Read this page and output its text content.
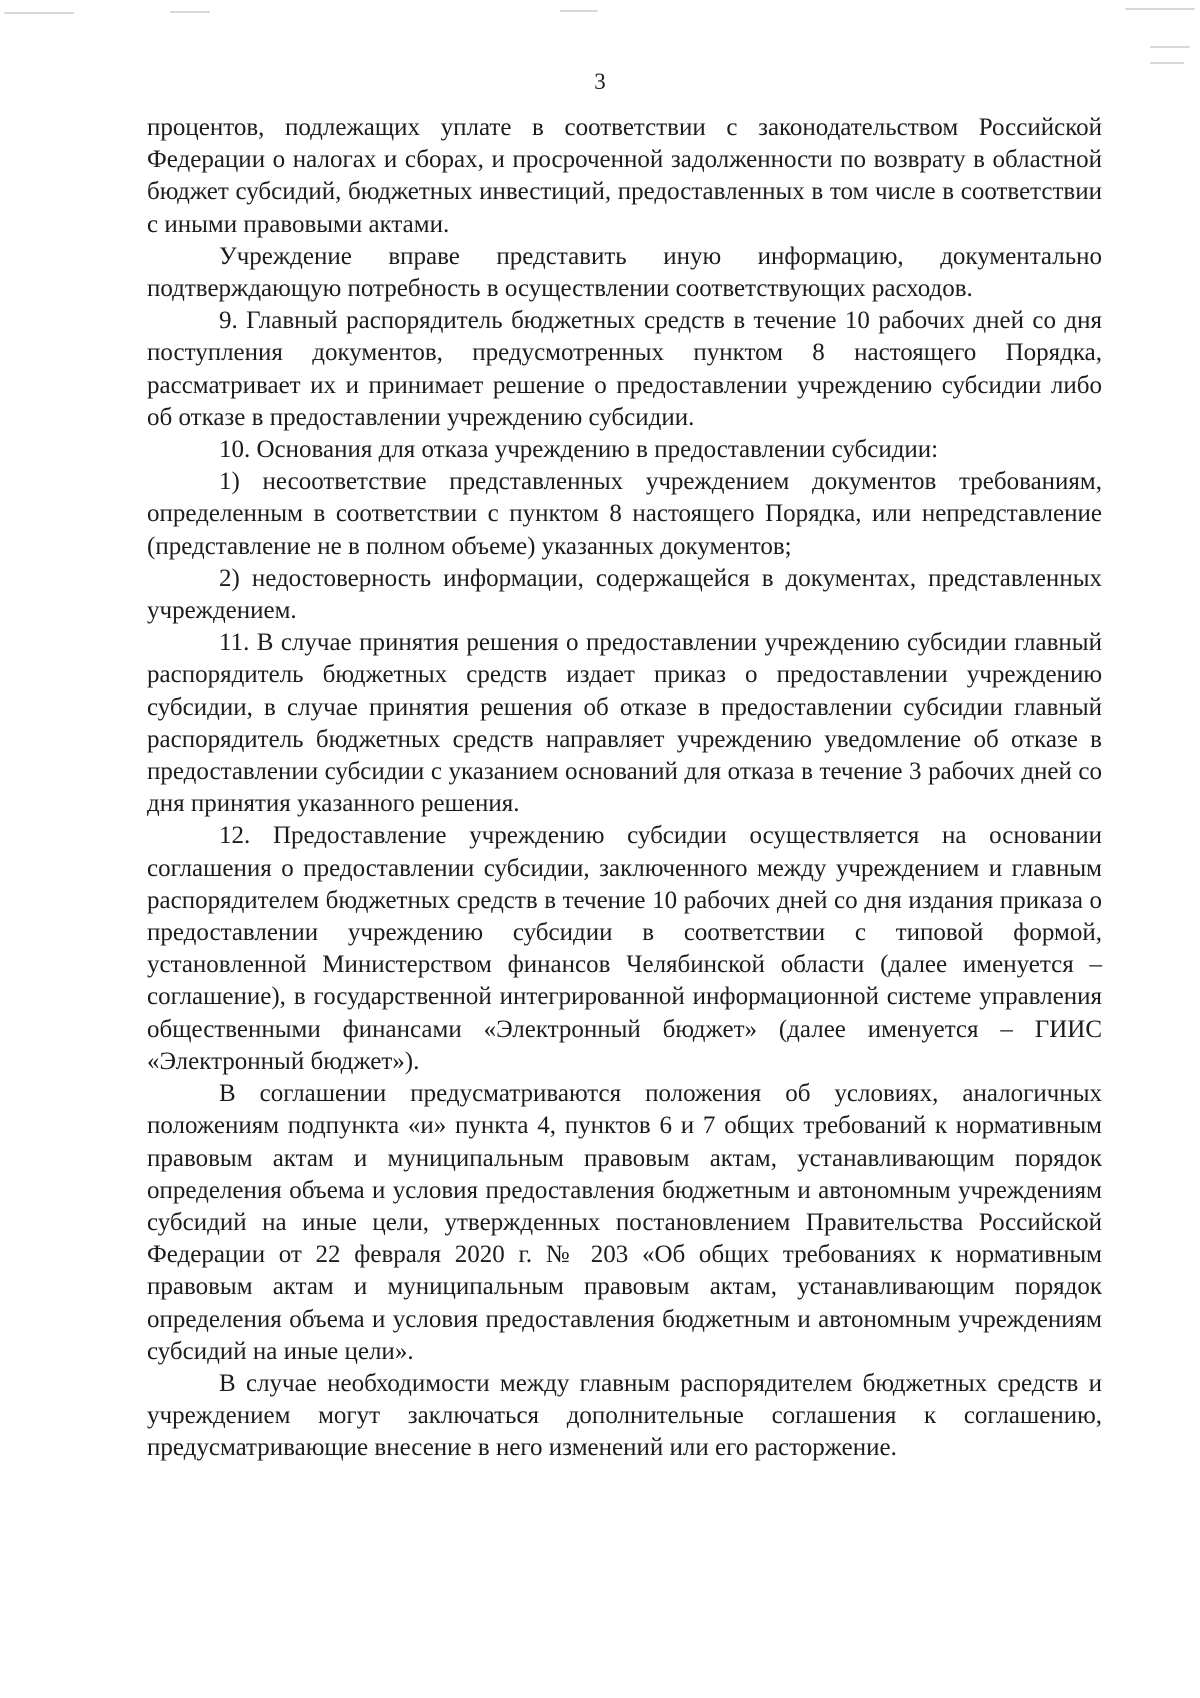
3

процентов, подлежащих уплате в соответствии с законодательством Российской Федерации о налогах и сборах, и просроченной задолженности по возврату в областной бюджет субсидий, бюджетных инвестиций, предоставленных в том числе в соответствии с иными правовыми актами.

Учреждение вправе представить иную информацию, документально подтверждающую потребность в осуществлении соответствующих расходов.

9. Главный распорядитель бюджетных средств в течение 10 рабочих дней со дня поступления документов, предусмотренных пунктом 8 настоящего Порядка, рассматривает их и принимает решение о предоставлении учреждению субсидии либо об отказе в предоставлении учреждению субсидии.

10. Основания для отказа учреждению в предоставлении субсидии:

1) несоответствие представленных учреждением документов требованиям, определенным в соответствии с пунктом 8 настоящего Порядка, или непредставление (представление не в полном объеме) указанных документов;

2) недостоверность информации, содержащейся в документах, представленных учреждением.

11. В случае принятия решения о предоставлении учреждению субсидии главный распорядитель бюджетных средств издает приказ о предоставлении учреждению субсидии, в случае принятия решения об отказе в предоставлении субсидии главный распорядитель бюджетных средств направляет учреждению уведомление об отказе в предоставлении субсидии с указанием оснований для отказа в течение 3 рабочих дней со дня принятия указанного решения.

12. Предоставление учреждению субсидии осуществляется на основании соглашения о предоставлении субсидии, заключенного между учреждением и главным распорядителем бюджетных средств в течение 10 рабочих дней со дня издания приказа о предоставлении учреждению субсидии в соответствии с типовой формой, установленной Министерством финансов Челябинской области (далее именуется – соглашение), в государственной интегрированной информационной системе управления общественными финансами «Электронный бюджет» (далее именуется – ГИИС «Электронный бюджет»).

В соглашении предусматриваются положения об условиях, аналогичных положениям подпункта «и» пункта 4, пунктов 6 и 7 общих требований к нормативным правовым актам и муниципальным правовым актам, устанавливающим порядок определения объема и условия предоставления бюджетным и автономным учреждениям субсидий на иные цели, утвержденных постановлением Правительства Российской Федерации от 22 февраля 2020 г. № 203 «Об общих требованиях к нормативным правовым актам и муниципальным правовым актам, устанавливающим порядок определения объема и условия предоставления бюджетным и автономным учреждениям субсидий на иные цели».

В случае необходимости между главным распорядителем бюджетных средств и учреждением могут заключаться дополнительные соглашения к соглашению, предусматривающие внесение в него изменений или его расторжение.
